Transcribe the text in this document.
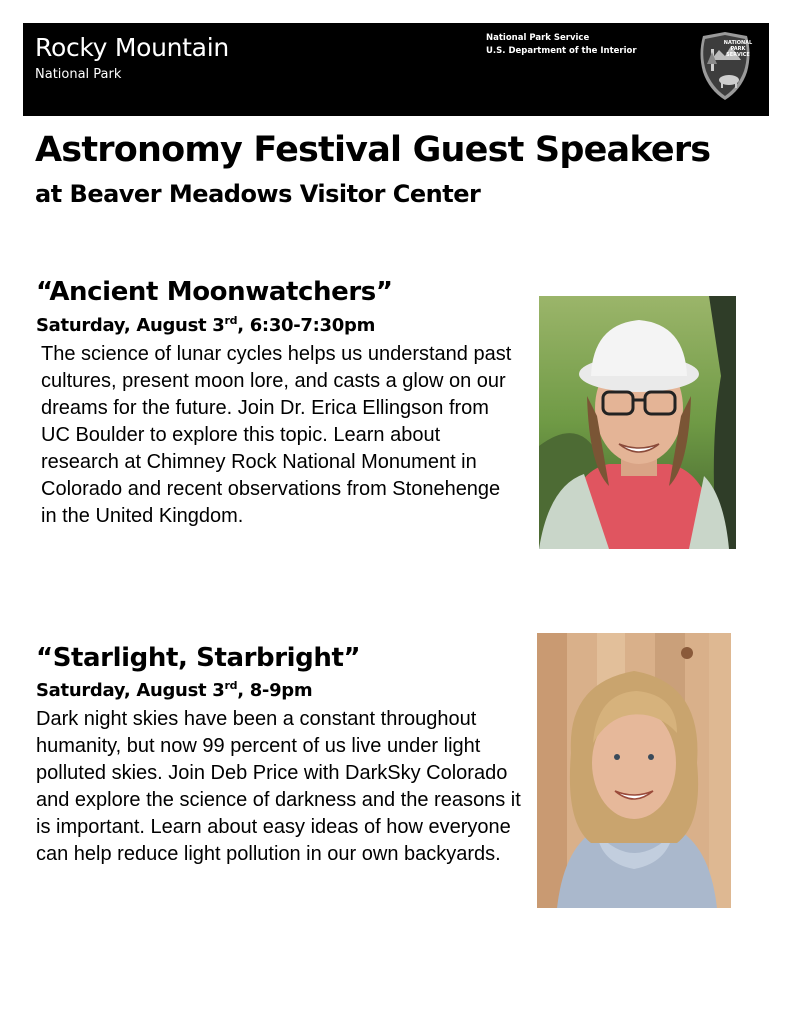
Rocky Mountain
National Park
National Park Service
U.S. Department of the Interior
NATIONAL
PARK
SERVICE
Astronomy Festival Guest Speakers
at Beaver Meadows Visitor Center
“Ancient Moonwatchers”
Saturday, August 3rd, 6:30-7:30pm

The science of lunar cycles helps us understand past cultures, present moon lore, and casts a glow on our dreams for the future. Join Dr. Erica Ellingson from UC Boulder to explore this topic. Learn about research at Chimney Rock National Monument in Colorado and recent observations from Stonehenge in the United Kingdom.

“Starlight, Starbright”
Saturday, August 3rd, 8-9pm

Dark night skies have been a constant throughout humanity, but now 99 percent of us live under light polluted skies. Join Deb Price with DarkSky Colorado and explore the science of darkness and the reasons it is important. Learn about easy ideas of how everyone can help reduce light pollution in our own backyards.
